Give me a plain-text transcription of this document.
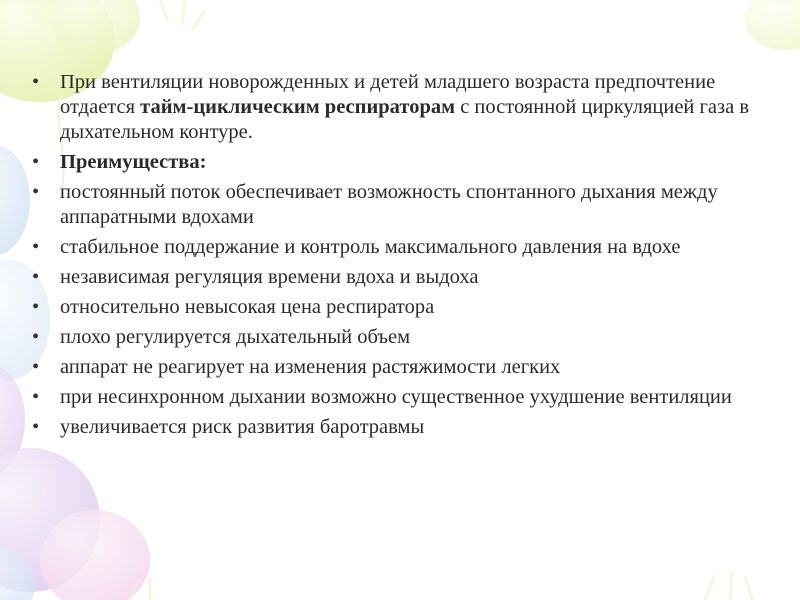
• При вентиляции новорожденных и детей младшего возраста предпочтение отдается тайм-циклическим респираторам с постоянной циркуляцией газа в дыхательном контуре.
• Преимущества:
• постоянный поток обеспечивает возможность спонтанного дыхания между аппаратными вдохами
• стабильное поддержание и контроль максимального давления на вдохе
• независимая регуляция времени вдоха и выдоха
• относительно невысокая цена респиратора
• плохо регулируется дыхательный объем
• аппарат не реагирует на изменения растяжимости легких
• при несинхронном дыхании возможно существенное ухудшение вентиляции
• увеличивается риск развития баротравмы
